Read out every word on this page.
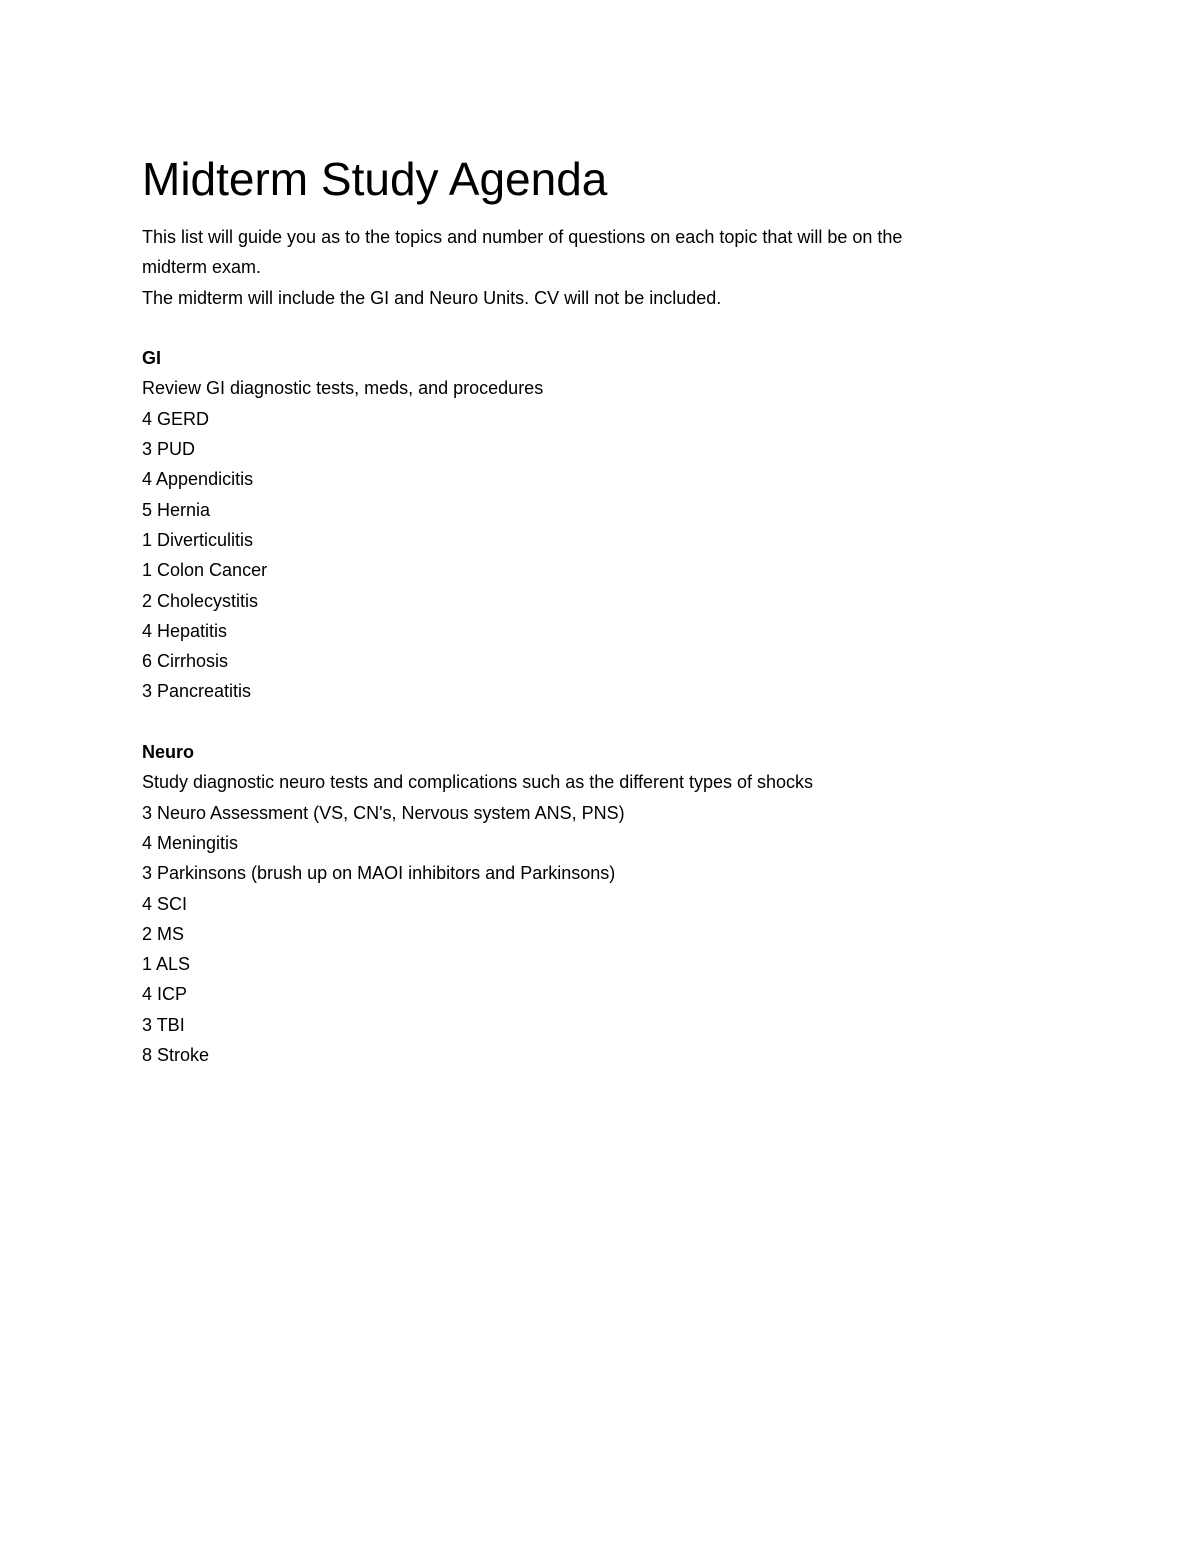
Midterm Study Agenda
This list will guide you as to the topics and number of questions on each topic that will be on the
midterm exam.
The midterm will include the GI and Neuro Units. CV will not be included.
GI
Review GI diagnostic tests, meds, and procedures
4 GERD
3 PUD
4 Appendicitis
5 Hernia
1 Diverticulitis
1 Colon Cancer
2 Cholecystitis
4 Hepatitis
6 Cirrhosis
3 Pancreatitis
Neuro
Study diagnostic neuro tests and complications such as the different types of shocks
3 Neuro Assessment (VS, CN's, Nervous system ANS, PNS)
4 Meningitis
3 Parkinsons (brush up on MAOI inhibitors and Parkinsons)
4 SCI
2 MS
1 ALS
4 ICP
3 TBI
8 Stroke
